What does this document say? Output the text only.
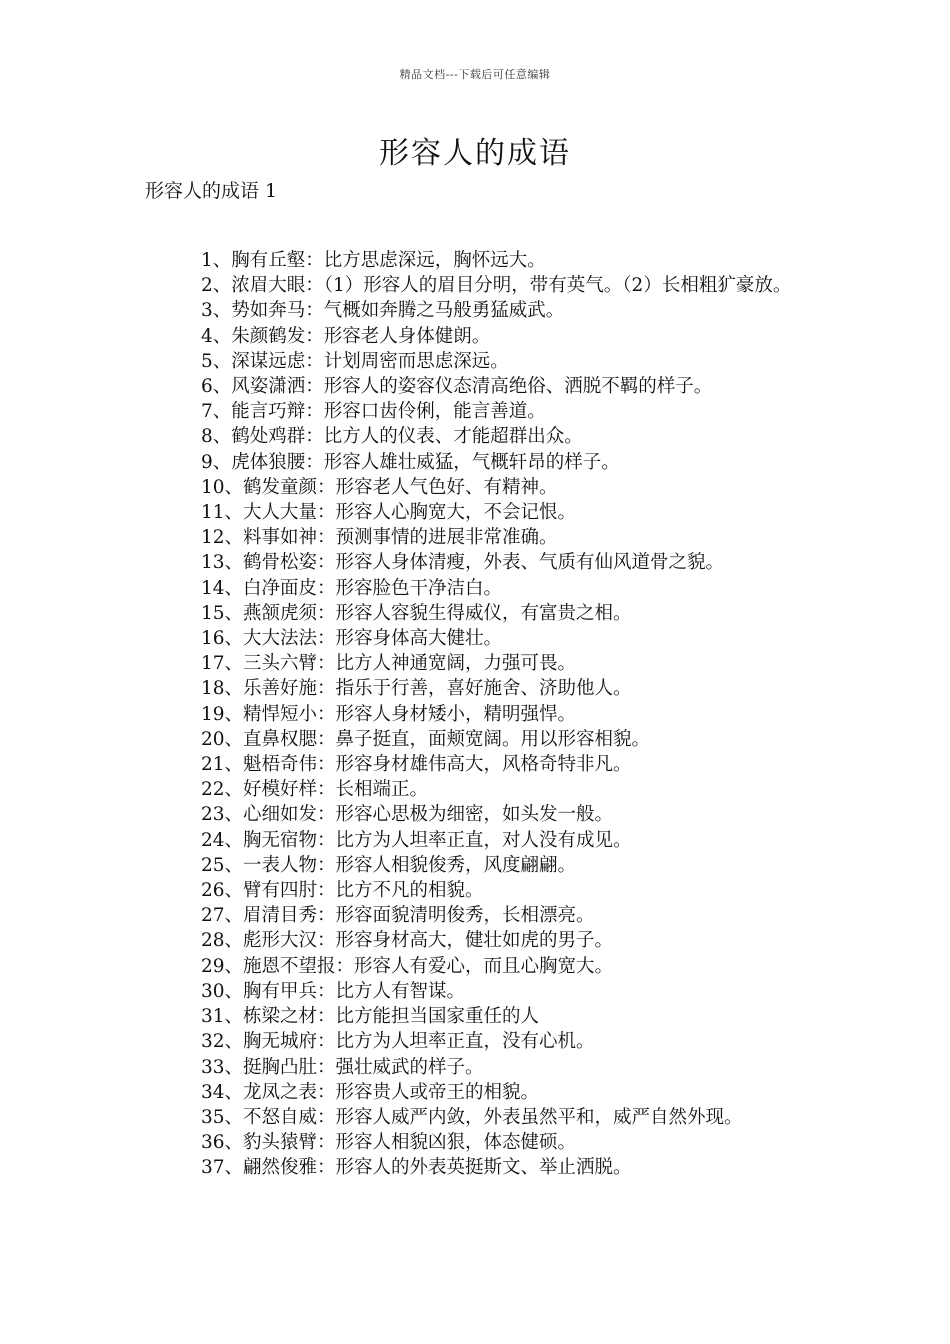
精品文档---下载后可任意编辑
形容人的成语

形容人的成语 1

1、胸有丘壑：比方思虑深远，胸怀远大。
2、浓眉大眼：（1）形容人的眉目分明，带有英气。（2）长相粗犷豪放。
3、势如奔马：气概如奔腾之马般勇猛威武。
4、朱颜鹤发：形容老人身体健朗。
5、深谋远虑：计划周密而思虑深远。
6、风姿潇洒：形容人的姿容仪态清高绝俗、洒脱不羁的样子。
7、能言巧辩：形容口齿伶俐，能言善道。
8、鹤处鸡群：比方人的仪表、才能超群出众。
9、虎体狼腰：形容人雄壮威猛，气概轩昂的样子。
10、鹤发童颜：形容老人气色好、有精神。
11、大人大量：形容人心胸宽大，不会记恨。
12、料事如神：预测事情的进展非常准确。
13、鹤骨松姿：形容人身体清瘦，外表、气质有仙风道骨之貌。
14、白净面皮：形容脸色干净洁白。
15、燕颔虎须：形容人容貌生得威仪，有富贵之相。
16、大大法法：形容身体高大健壮。
17、三头六臂：比方人神通宽阔，力强可畏。
18、乐善好施：指乐于行善，喜好施舍、济助他人。
19、精悍短小：形容人身材矮小，精明强悍。
20、直鼻权腮：鼻子挺直，面颊宽阔。用以形容相貌。
21、魁梧奇伟：形容身材雄伟高大，风格奇特非凡。
22、好模好样：长相端正。
23、心细如发：形容心思极为细密，如头发一般。
24、胸无宿物：比方为人坦率正直，对人没有成见。
25、一表人物：形容人相貌俊秀，风度翩翩。
26、臂有四肘：比方不凡的相貌。
27、眉清目秀：形容面貌清明俊秀，长相漂亮。
28、彪形大汉：形容身材高大，健壮如虎的男子。
29、施恩不望报：形容人有爱心，而且心胸宽大。
30、胸有甲兵：比方人有智谋。
31、栋梁之材：比方能担当国家重任的人
32、胸无城府：比方为人坦率正直，没有心机。
33、挺胸凸肚：强壮威武的样子。
34、龙凤之表：形容贵人或帝王的相貌。
35、不怒自威：形容人威严内敛，外表虽然平和，威严自然外现。
36、豹头猿臂：形容人相貌凶狠，体态健硕。
37、翩然俊雅：形容人的外表英挺斯文、举止洒脱。
